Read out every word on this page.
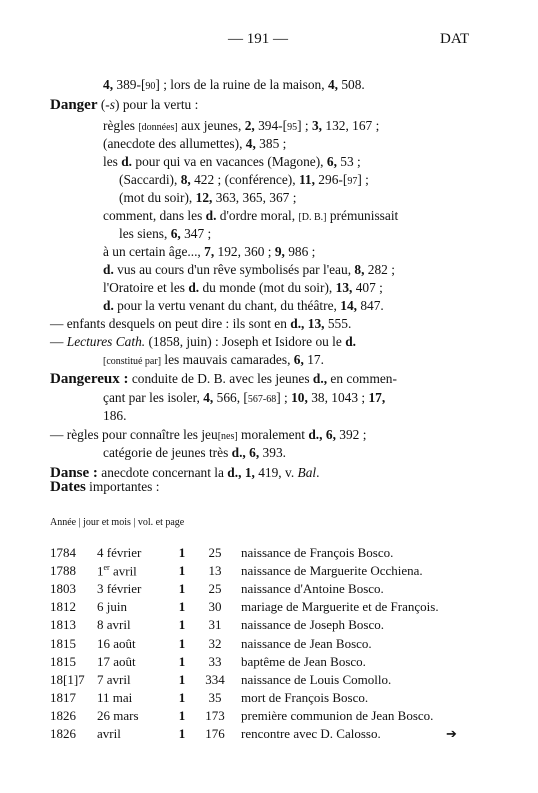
— 191 —	DAT
4, 389-[90] ; lors de la ruine de la maison, 4, 508.
Danger (-s) pour la vertu :
règles [données] aux jeunes, 2, 394-[95] ; 3, 132, 167 ;
(anecdote des allumettes), 4, 385 ;
les d. pour qui va en vacances (Magone), 6, 53 ;
(Saccardi), 8, 422 ; (conférence), 11, 296-[97] ;
(mot du soir), 12, 363, 365, 367 ;
comment, dans les d. d'ordre moral, [D. B.] prémunissait
les siens, 6, 347 ;
à un certain âge..., 7, 192, 360 ; 9, 986 ;
d. vus au cours d'un rêve symbolisés par l'eau, 8, 282 ;
l'Oratoire et les d. du monde (mot du soir), 13, 407 ;
d. pour la vertu venant du chant, du théâtre, 14, 847.
— enfants desquels on peut dire : ils sont en d., 13, 555.
— Lectures Cath. (1858, juin) : Joseph et Isidore ou le d.
[constitué par] les mauvais camarades, 6, 17.
Dangereux : conduite de D. B. avec les jeunes d., en commen-
çant par les isoler, 4, 566, [567-68] ; 10, 38, 1043 ; 17,
186.
— règles pour connaître les jeu[nes] moralement d., 6, 392 ;
catégorie de jeunes très d., 6, 393.
Danse : anecdote concernant la d., 1, 419, v. Bal.
Dates importantes :
Année | jour et mois | vol. et page
1784 4 février	1	25	naissance de François Bosco.
1788 1er avril	1	13	naissance de Marguerite Occhiena.
1803 3 février	1	25	naissance d'Antoine Bosco.
1812 6 juin	1	30	mariage de Marguerite et de François.
1813 8 avril	1	31	naissance de Joseph Bosco.
1815 16 août	1	32	naissance de Jean Bosco.
1815 17 août	1	33	baptême de Jean Bosco.
18[1]7 7 avril	1	334	naissance de Louis Comollo.
1817 11 mai	1	35	mort de François Bosco.
1826 26 mars	1	173	première communion de Jean Bosco.
1826 avril	1	176	rencontre avec D. Calosso.	➔
